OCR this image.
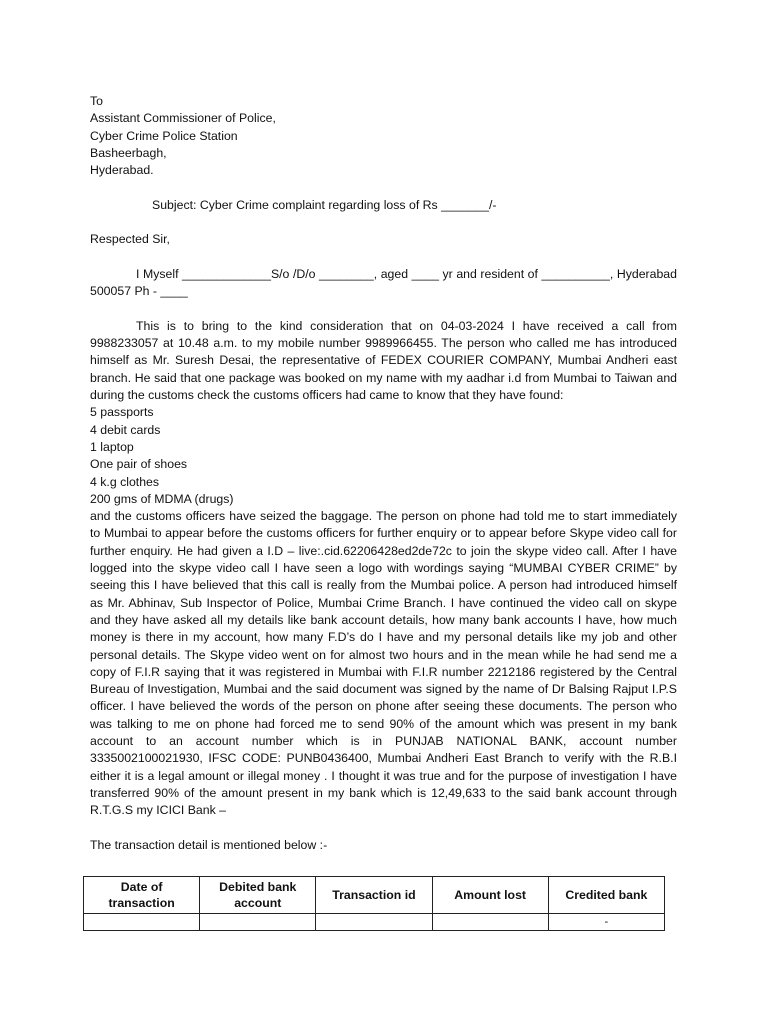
To
Assistant Commissioner of Police,
Cyber Crime Police Station
Basheerbagh,
Hyderabad.
Subject: Cyber Crime complaint regarding loss of Rs _______/-
Respected Sir,

I Myself _____________S/o /D/o ________, aged ____ yr and resident of __________, Hyderabad 500057 Ph - ____

This is to bring to the kind consideration that on 04-03-2024 I have received a call from 9988233057 at 10.48 a.m. to my mobile number 9989966455. The person who called me has introduced himself as Mr. Suresh Desai, the representative of FEDEX COURIER COMPANY, Mumbai Andheri east branch. He said that one package was booked on my name with my aadhar i.d from Mumbai to Taiwan and during the customs check the customs officers had came to know that they have found:

5 passports
4 debit cards
1 laptop
One pair of shoes
4 k.g clothes
200 gms of MDMA (drugs)

and the customs officers have seized the baggage. The person on phone had told me to start immediately to Mumbai to appear before the customs officers for further enquiry or to appear before Skype video call for further enquiry. He had given a I.D – live:.cid.62206428ed2de72c to join the skype video call. After I have logged into the skype video call I have seen a logo with wordings saying “MUMBAI CYBER CRIME” by seeing this I have believed that this call is really from the Mumbai police. A person had introduced himself as Mr. Abhinav, Sub Inspector of Police, Mumbai Crime Branch. I have continued the video call on skype and they have asked all my details like bank account details, how many bank accounts I have, how much money is there in my account, how many F.D’s do I have and my personal details like my job and other personal details. The Skype video went on for almost two hours and in the mean while he had send me a copy of F.I.R saying that it was registered in Mumbai with F.I.R number 2212186 registered by the Central Bureau of Investigation, Mumbai and the said document was signed by the name of Dr Balsing Rajput I.P.S officer. I have believed the words of the person on phone after seeing these documents. The person who was talking to me on phone had forced me to send 90% of the amount which was present in my bank account to an account number which is in PUNJAB NATIONAL BANK, account number 3335002100021930, IFSC CODE: PUNB0436400, Mumbai Andheri East Branch to verify with the R.B.I either it is a legal amount or illegal money . I thought it was true and for the purpose of investigation I have transferred 90% of the amount present in my bank which is 12,49,633 to the said bank account through R.T.G.S my ICICI Bank –

The transaction detail is mentioned below :-
Date of transaction	Debited bank account	Transaction id	Amount lost	Credited bank
				-
